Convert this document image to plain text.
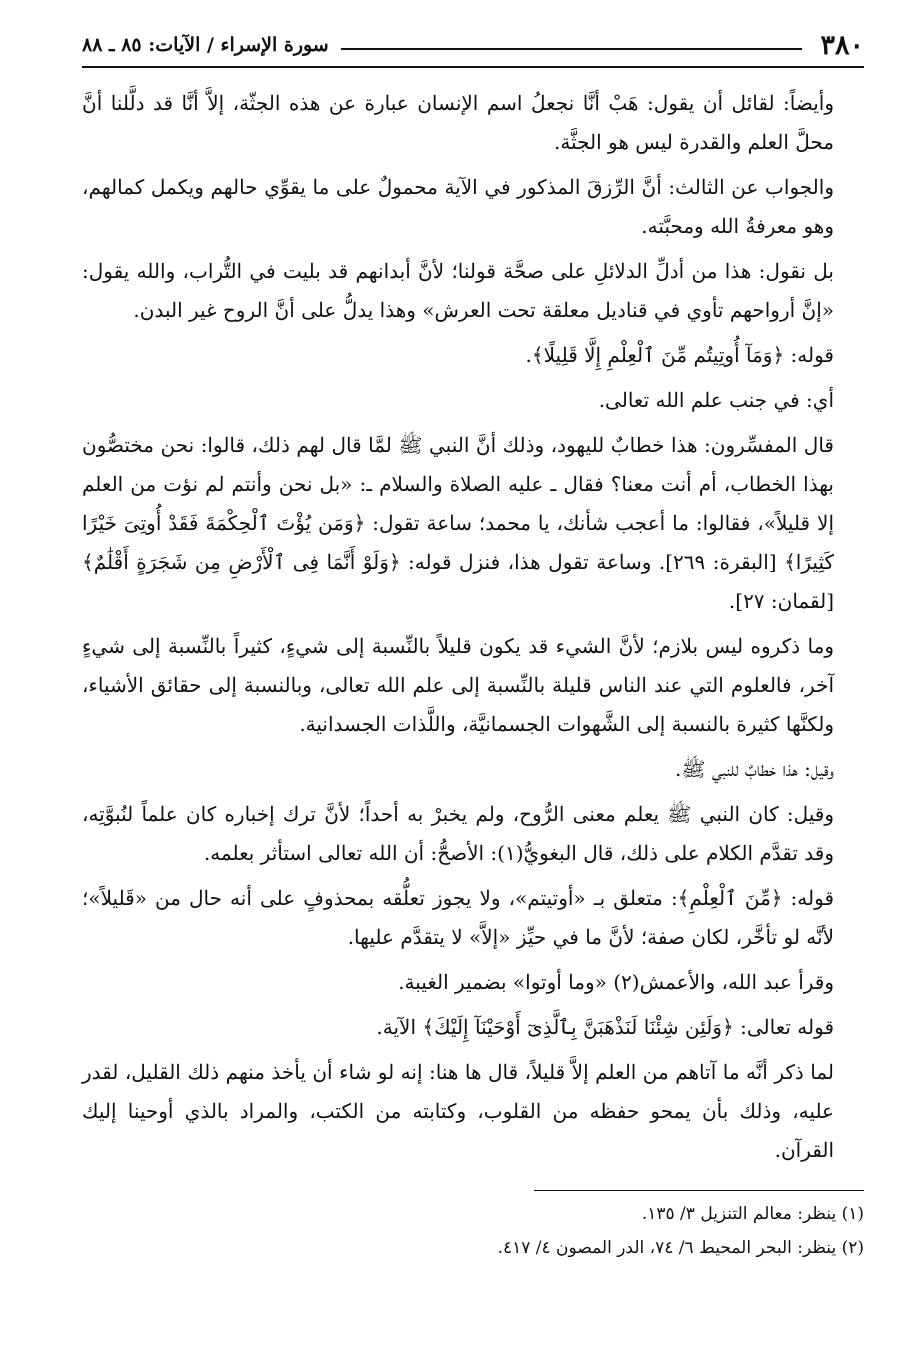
٣٨٠
سورة الإسراء / الآيات: ٨٥ ـ ٨٨

وأيضاً: لقائل أن يقول: هَبْ أنَّا نجعلُ اسم الإنسان عبارة عن هذه الجثّة، إلاَّ أنَّا قد دلَّلنا أنَّ محلَّ العلم والقدرة ليس هو الجثَّة.

والجواب عن الثالث: أنَّ الرِّزقَ المذكور في الآية محمولٌ على ما يقوِّي حالهم ويكمل كمالهم، وهو معرفةُ الله ومحبَّته.

بل نقول: هذا من أدلِّ الدلائلِ على صحَّة قولنا؛ لأنَّ أبدانهم قد بليت في التُّراب، والله يقول: «إنَّ أرواحهم تأوي في قناديل معلقة تحت العرش» وهذا يدلُّ على أنَّ الروح غير البدن.

قوله: ﴿وَمَآ أُوتِيتُم مِّنَ ٱلْعِلْمِ إِلَّا قَلِيلًا﴾.

أي: في جنب علم الله تعالى.

قال المفسِّرون: هذا خطابٌ لليهود، وذلك أنَّ النبي ﷺ لمَّا قال لهم ذلك، قالوا: نحن مختصُّون بهذا الخطاب، أم أنت معنا؟ فقال ـ عليه الصلاة والسلام ـ: «بل نحن وأنتم لم نؤت من العلم إلا قليلاً»، فقالوا: ما أعجب شأنك، يا محمد؛ ساعة تقول: ﴿وَمَن يُؤْتَ ٱلْحِكْمَةَ فَقَدْ أُوتِىَ خَيْرًا كَثِيرًا﴾ [البقرة: ٢٦٩]. وساعة تقول هذا، فنزل قوله: ﴿وَلَوْ أَنَّمَا فِى ٱلْأَرْضِ مِن شَجَرَةٍ أَقْلَٰمٌ﴾ [لقمان: ٢٧].

وما ذكروه ليس بلازم؛ لأنَّ الشيء قد يكون قليلاً بالنِّسبة إلى شيءٍ، كثيراً بالنِّسبة إلى شيءٍ آخر، فالعلوم التي عند الناس قليلة بالنِّسبة إلى علم الله تعالى، وبالنسبة إلى حقائق الأشياء، ولكنَّها كثيرة بالنسبة إلى الشَّهوات الجسمانيَّة، واللَّذات الجسدانية.

وقيل: هذا خطابٌ للنبي ﷺ.

وقيل: كان النبي ﷺ يعلم معنى الرُّوح، ولم يخبرْ به أحداً؛ لأنَّ ترك إخباره كان علماً لنُبوَّتِه، وقد تقدَّم الكلام على ذلك، قال البغويُّ(١): الأصحُّ: أن الله تعالى استأثر بعلمه.

قوله: ﴿مِّنَ ٱلْعِلْمِ﴾: متعلق بـ «أوتيتم»، ولا يجوز تعلُّقه بمحذوفٍ على أنه حال من «قَليلاً»؛ لأنَّه لو تأخَّر، لكان صفة؛ لأنَّ ما في حيِّز «إلاَّ» لا يتقدَّم عليها.

وقرأ عبد الله، والأعمش(٢) «وما أوتوا» بضمير الغيبة.

قوله تعالى: ﴿وَلَئِن شِئْنَا لَنَذْهَبَنَّ بِٱلَّذِىٓ أَوْحَيْنَآ إِلَيْكَ﴾ الآية.

لما ذكر أنَّه ما آتاهم من العلم إلاَّ قليلاً، قال ها هنا: إنه لو شاء أن يأخذ منهم ذلك القليل، لقدر عليه، وذلك بأن يمحو حفظه من القلوب، وكتابته من الكتب، والمراد بالذي أوحينا إليك القرآن.

(١) ينظر: معالم التنزيل ٣/ ١٣٥.
(٢) ينظر: البحر المحيط ٦/ ٧٤، الدر المصون ٤/ ٤١٧.
